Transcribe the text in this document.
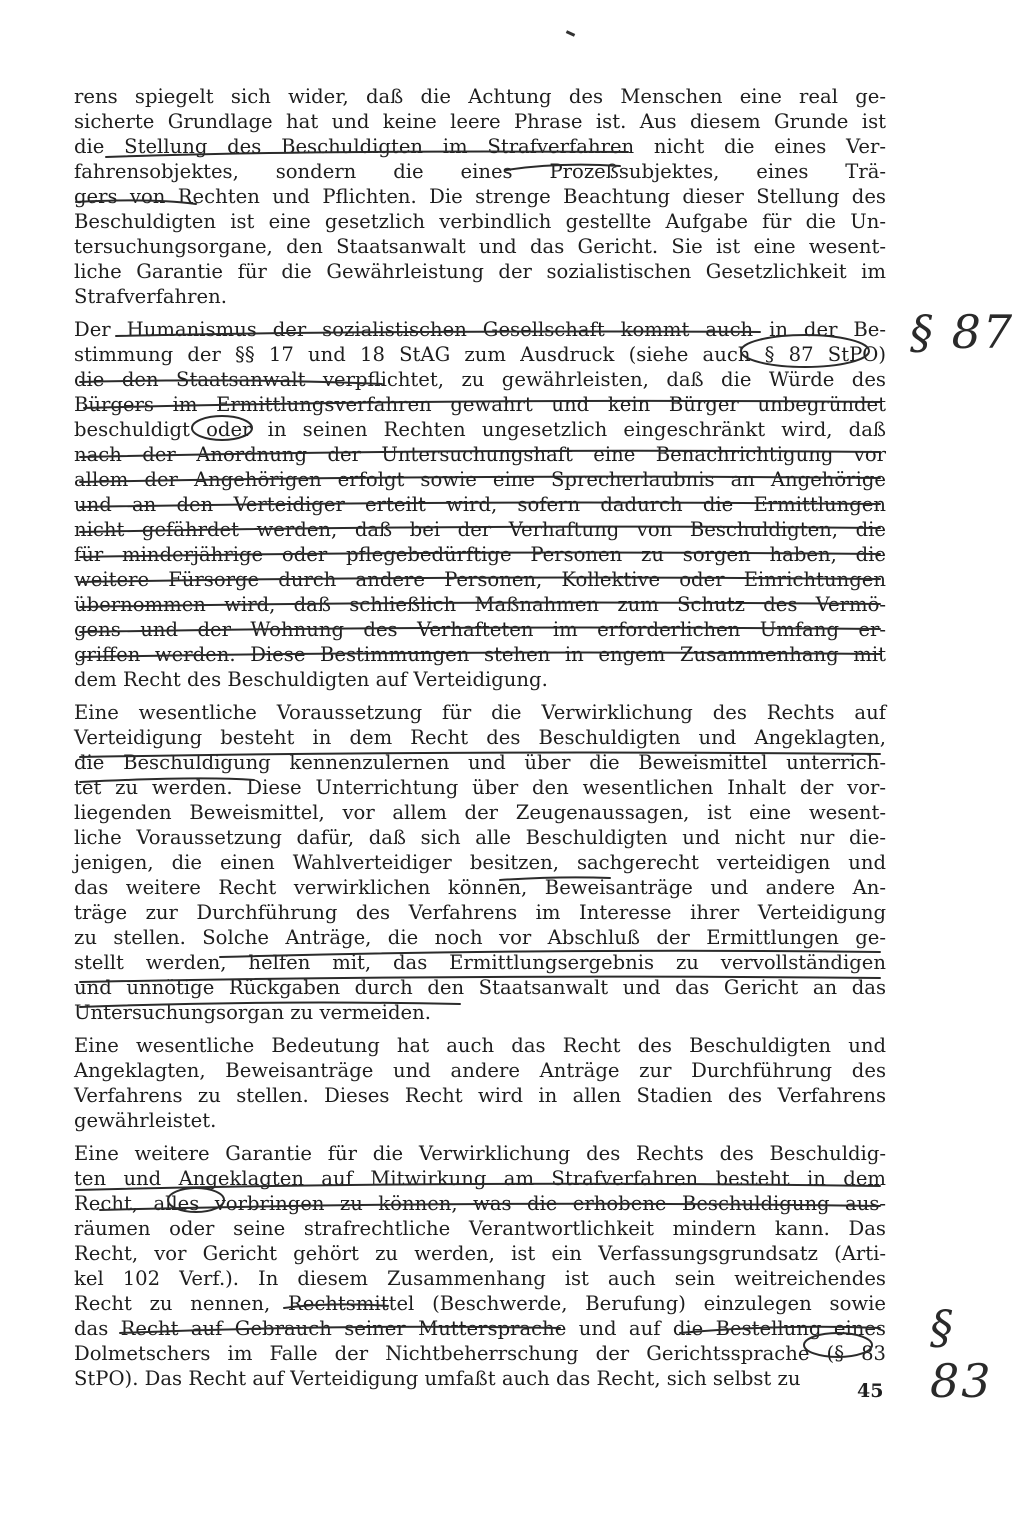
rens spiegelt sich wider, daß die Achtung des Menschen eine real ge-
sicherte Grundlage hat und keine leere Phrase ist. Aus diesem Grunde ist
die Stellung des Beschuldigten im Strafverfahren nicht die eines Ver-
fahrensobjektes, sondern die eines Prozeßsubjektes, eines Trä-
gers von Rechten und Pflichten. Die strenge Beachtung dieser Stellung des
Beschuldigten ist eine gesetzlich verbindlich gestellte Aufgabe für die Un-
tersuchungsorgane, den Staatsanwalt und das Gericht. Sie ist eine wesent-
liche Garantie für die Gewährleistung der sozialistischen Gesetzlichkeit im
Strafverfahren.
Der Humanismus der sozialistischen Gesellschaft kommt auch in der Be-
stimmung der §§ 17 und 18 StAG zum Ausdruck (siehe auch § 87 StPO)
die den Staatsanwalt verpflichtet, zu gewährleisten, daß die Würde des
Bürgers im Ermittlungsverfahren gewahrt und kein Bürger unbegründet
beschuldigt oder in seinen Rechten ungesetzlich eingeschränkt wird, daß
nach der Anordnung der Untersuchungshaft eine Benachrichtigung vor
allem der Angehörigen erfolgt sowie eine Sprecherlaubnis an Angehörige
und an den Verteidiger erteilt wird, sofern dadurch die Ermittlungen
nicht gefährdet werden, daß bei der Verhaftung von Beschuldigten, die
für minderjährige oder pflegebedürftige Personen zu sorgen haben, die
weitere Fürsorge durch andere Personen, Kollektive oder Einrichtungen
übernommen wird, daß schließlich Maßnahmen zum Schutz des Vermö-
gens und der Wohnung des Verhafteten im erforderlichen Umfang er-
griffen werden. Diese Bestimmungen stehen in engem Zusammenhang mit
dem Recht des Beschuldigten auf Verteidigung.
Eine wesentliche Voraussetzung für die Verwirklichung des Rechts auf
Verteidigung besteht in dem Recht des Beschuldigten und Angeklagten,
die Beschuldigung kennenzulernen und über die Beweismittel unterrich-
tet zu werden. Diese Unterrichtung über den wesentlichen Inhalt der vor-
liegenden Beweismittel, vor allem der Zeugenaussagen, ist eine wesent-
liche Voraussetzung dafür, daß sich alle Beschuldigten und nicht nur die-
jenigen, die einen Wahlverteidiger besitzen, sachgerecht verteidigen und
das weitere Recht verwirklichen können, Beweisanträge und andere An-
träge zur Durchführung des Verfahrens im Interesse ihrer Verteidigung
zu stellen. Solche Anträge, die noch vor Abschluß der Ermittlungen ge-
stellt werden, helfen mit, das Ermittlungsergebnis zu vervollständigen
und unnötige Rückgaben durch den Staatsanwalt und das Gericht an das
Untersuchungsorgan zu vermeiden.
Eine wesentliche Bedeutung hat auch das Recht des Beschuldigten und
Angeklagten, Beweisanträge und andere Anträge zur Durchführung des
Verfahrens zu stellen. Dieses Recht wird in allen Stadien des Verfahrens
gewährleistet.
Eine weitere Garantie für die Verwirklichung des Rechts des Beschuldig-
ten und Angeklagten auf Mitwirkung am Strafverfahren besteht in dem
Recht, alles vorbringen zu können, was die erhobene Beschuldigung aus-
räumen oder seine strafrechtliche Verantwortlichkeit mindern kann. Das
Recht, vor Gericht gehört zu werden, ist ein Verfassungsgrundsatz (Arti-
kel 102 Verf.). In diesem Zusammenhang ist auch sein weitreichendes
Recht zu nennen, Rechtsmittel (Beschwerde, Berufung) einzulegen sowie
das Recht auf Gebrauch seiner Muttersprache und auf die Bestellung eines
Dolmetschers im Falle der Nichtbeherrschung der Gerichtssprache (§ 83
StPO). Das Recht auf Verteidigung umfaßt auch das Recht, sich selbst zu
§ 87
§ 83
45
